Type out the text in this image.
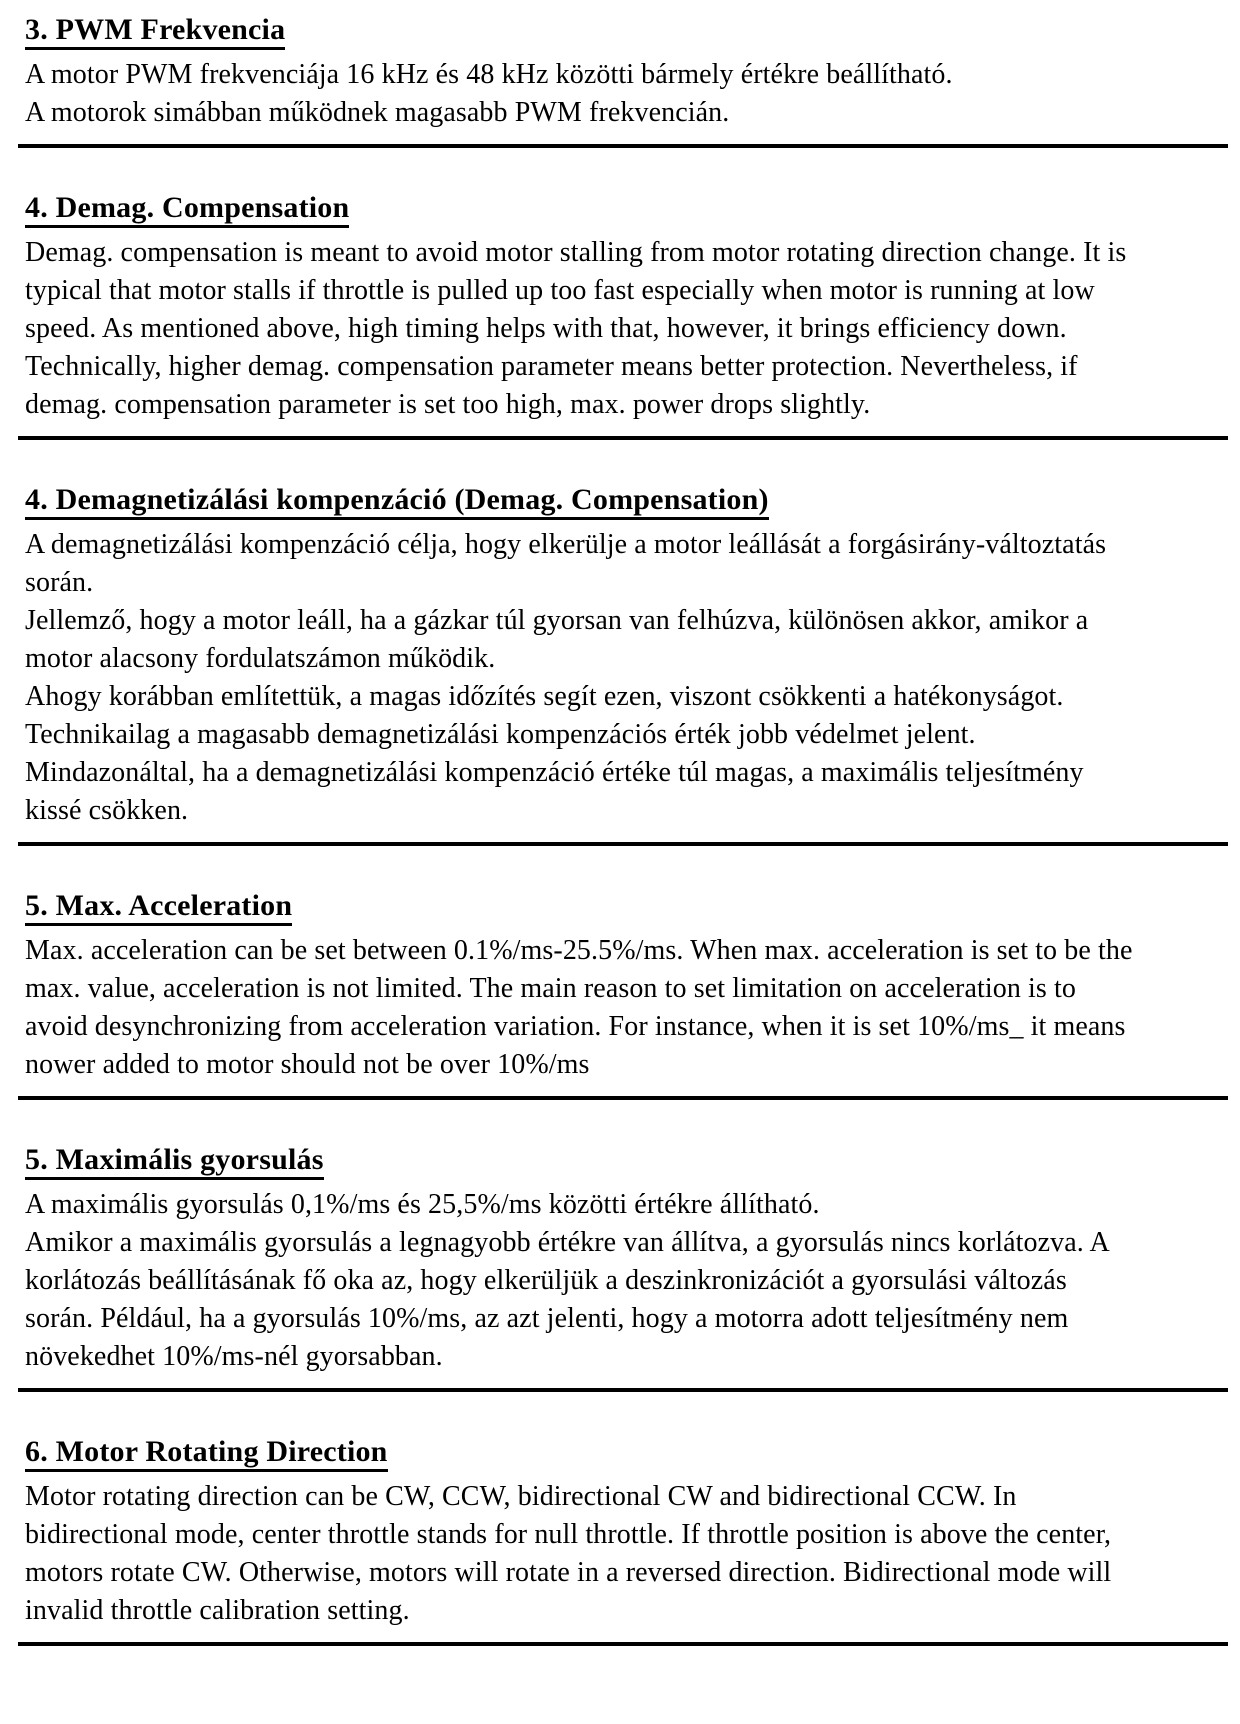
3. PWM Frekvencia

A motor PWM frekvenciája 16 kHz és 48 kHz közötti bármely értékre beállítható.

A motorok simábban működnek magasabb PWM frekvencián.

4. Demag. Compensation

Demag. compensation is meant to avoid motor stalling from motor rotating direction change. It is typical that motor stalls if throttle is pulled up too fast especially when motor is running at low speed. As mentioned above, high timing helps with that, however, it brings efficiency down. Technically, higher demag. compensation parameter means better protection. Nevertheless, if demag. compensation parameter is set too high, max. power drops slightly.

4. Demagnetizálási kompenzáció (Demag. Compensation)

A demagnetizálási kompenzáció célja, hogy elkerülje a motor leállását a forgásirány-változtatás során.

Jellemző, hogy a motor leáll, ha a gázkar túl gyorsan van felhúzva, különösen akkor, amikor a motor alacsony fordulatszámon működik.

Ahogy korábban említettük, a magas időzítés segít ezen, viszont csökkenti a hatékonyságot.

Technikailag a magasabb demagnetizálási kompenzációs érték jobb védelmet jelent.

Mindazonáltal, ha a demagnetizálási kompenzáció értéke túl magas, a maximális teljesítmény kissé csökken.

5. Max. Acceleration

Max. acceleration can be set between 0.1%/ms-25.5%/ms. When max. acceleration is set to be the max. value, acceleration is not limited. The main reason to set limitation on acceleration is to avoid desynchronizing from acceleration variation. For instance, when it is set 10%/ms_ it means nower added to motor should not be over 10%/ms

5. Maximális gyorsulás

A maximális gyorsulás 0,1%/ms és 25,5%/ms közötti értékre állítható.

Amikor a maximális gyorsulás a legnagyobb értékre van állítva, a gyorsulás nincs korlátozva. A korlátozás beállításának fő oka az, hogy elkerüljük a deszinkronizációt a gyorsulási változás során. Például, ha a gyorsulás 10%/ms, az azt jelenti, hogy a motorra adott teljesítmény nem növekedhet 10%/ms-nél gyorsabban.

6. Motor Rotating Direction

Motor rotating direction can be CW, CCW, bidirectional CW and bidirectional CCW. In bidirectional mode, center throttle stands for null throttle. If throttle position is above the center, motors rotate CW. Otherwise, motors will rotate in a reversed direction. Bidirectional mode will invalid throttle calibration setting.
